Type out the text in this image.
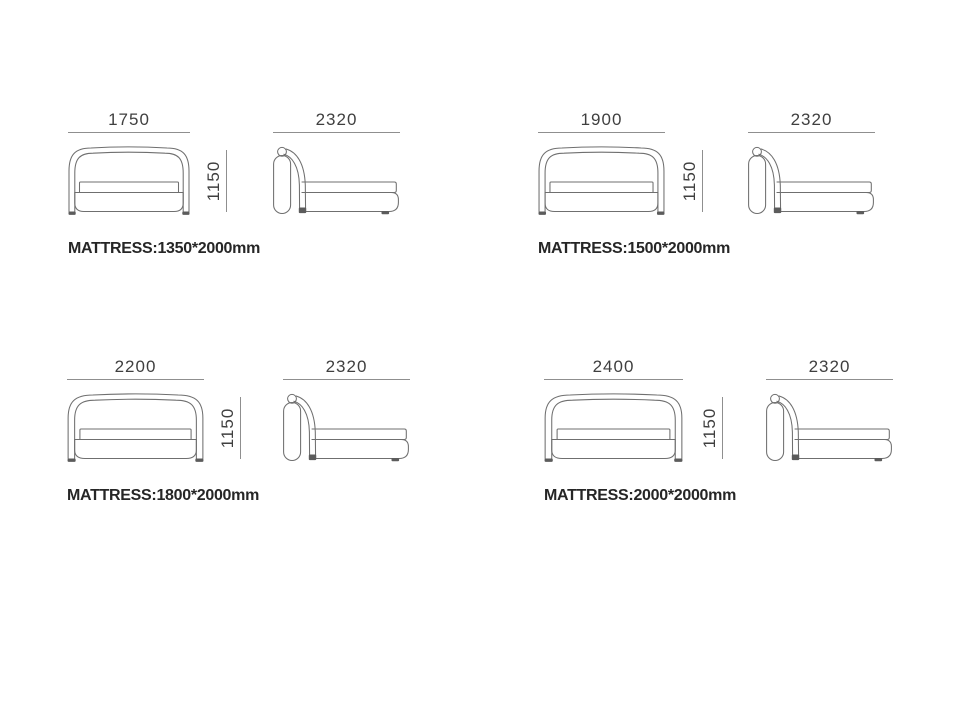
1750
1150
2320
MATTRESS:1350*2000mm
1900
1150
2320
MATTRESS:1500*2000mm
2200
1150
2320
MATTRESS:1800*2000mm
2400
1150
2320
MATTRESS:2000*2000mm
